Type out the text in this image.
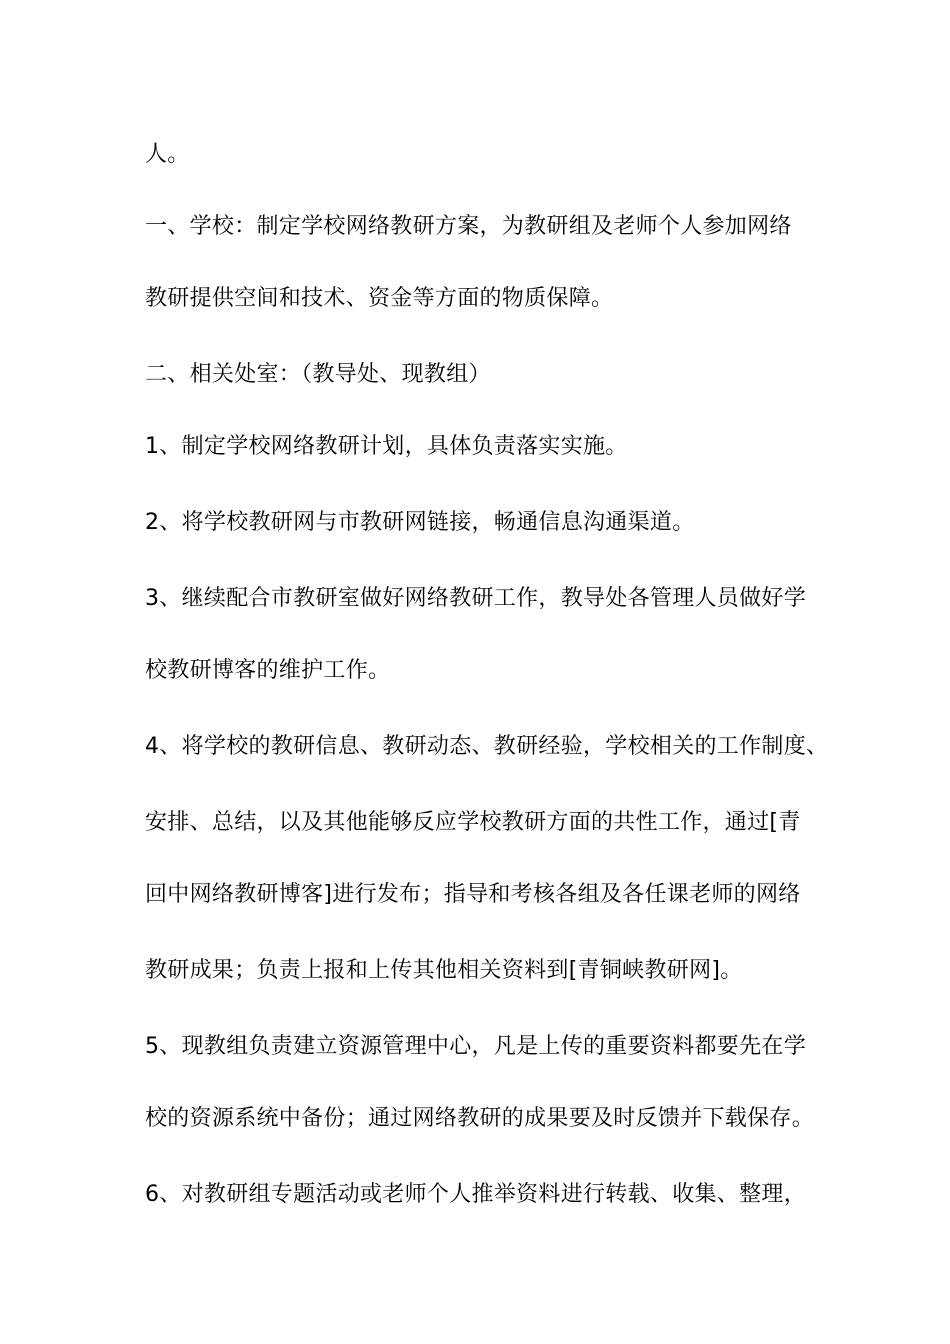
人。
一、学校：制定学校网络教研方案，为教研组及老师个人参加网络
教研提供空间和技术、资金等方面的物质保障。
二、相关处室：（教导处、现教组）
1、制定学校网络教研计划，具体负责落实实施。
2、将学校教研网与市教研网链接，畅通信息沟通渠道。
3、继续配合市教研室做好网络教研工作，教导处各管理人员做好学
校教研博客的维护工作。
4、将学校的教研信息、教研动态、教研经验，学校相关的工作制度、
安排、总结，以及其他能够反应学校教研方面的共性工作，通过[青
回中网络教研博客]进行发布；指导和考核各组及各任课老师的网络
教研成果；负责上报和上传其他相关资料到[青铜峡教研网]。
5、现教组负责建立资源管理中心，凡是上传的重要资料都要先在学
校的资源系统中备份；通过网络教研的成果要及时反馈并下载保存。
6、对教研组专题活动或老师个人推举资料进行转载、收集、整理，
